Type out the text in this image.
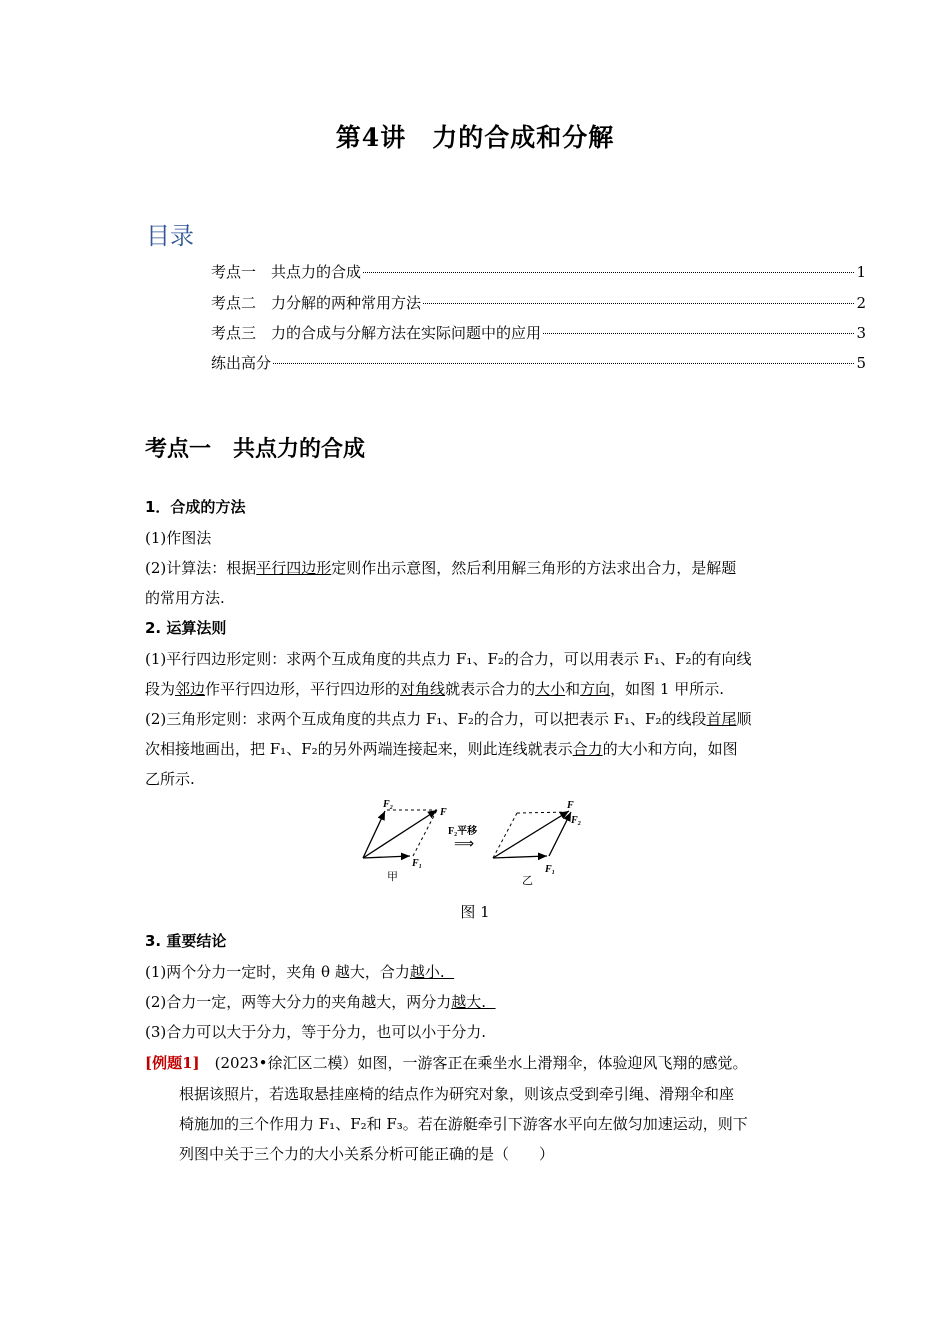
第4讲　力的合成和分解
目录
考点一　共点力的合成	1
考点二　力分解的两种常用方法	2
考点三　力的合成与分解方法在实际问题中的应用	3
练出高分	5
考点一　共点力的合成
1．合成的方法
(1)作图法
(2)计算法：根据平行四边形定则作出示意图，然后利用解三角形的方法求出合力，是解题
的常用方法.
2. 运算法则
(1)平行四边形定则：求两个互成角度的共点力 F₁、F₂的合力，可以用表示 F₁、F₂的有向线
段为邻边作平行四边形，平行四边形的对角线就表示合力的大小和方向，如图 1 甲所示.
(2)三角形定则：求两个互成角度的共点力 F₁、F₂的合力，可以把表示 F₁、F₂的线段首尾顺
次相接地画出，把 F₁、F₂的另外两端连接起来，则此连线就表示合力的大小和方向，如图
乙所示.
F₂
F
F₁
甲
F₂平移
⟹
F
F₂
F₁
乙
图 1
3. 重要结论
(1)两个分力一定时，夹角 θ 越大，合力越小.
(2)合力一定，两等大分力的夹角越大，两分力越大.
(3)合力可以大于分力，等于分力，也可以小于分力.
[例题1]　(2023•徐汇区二模）如图，一游客正在乘坐水上滑翔伞，体验迎风飞翔的感觉。
根据该照片，若选取悬挂座椅的结点作为研究对象，则该点受到牵引绳、滑翔伞和座
椅施加的三个作用力 F₁、F₂和 F₃。若在游艇牵引下游客水平向左做匀加速运动，则下
列图中关于三个力的大小关系分析可能正确的是（　　）
